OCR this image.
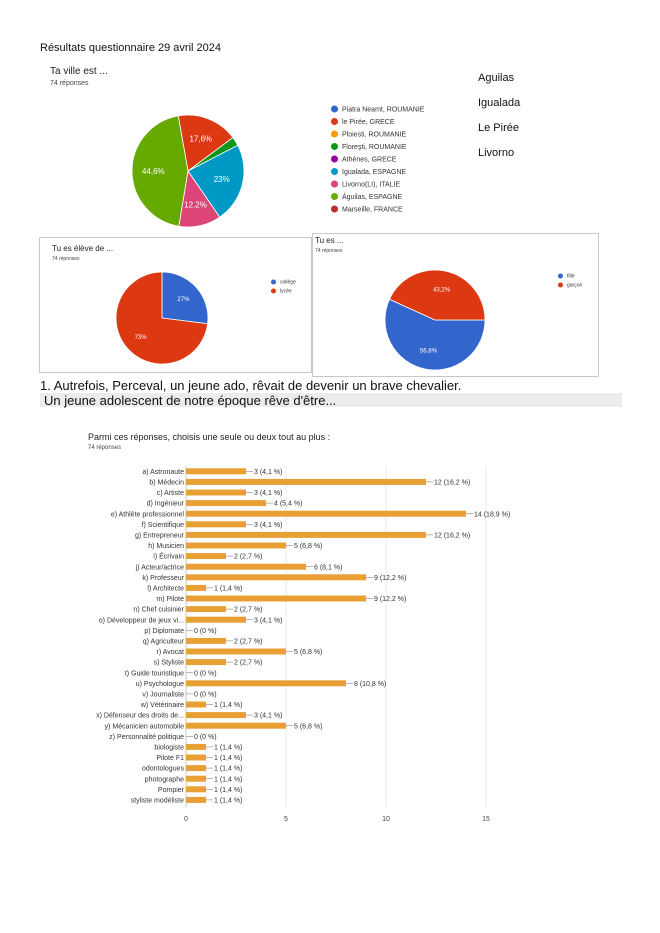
Résultats questionnaire 29 avril 2024
Ta ville est ...
74 réponses
17,6%
23%
12,2%
44,6%
Piatra Neamt, ROUMANIE
le Pirée, GRECE
Ploiesti, ROUMANIE
Floreşti, ROUMANIE
Athènes, GRECE
Igualada, ESPAGNE
Livorno(LI), ITALIE
Águilas, ESPAGNE
Marseille, FRANCE
Aguilas
Igualada
Le Pirée
Livorno
Tu es élève de ...
74 réponses
27%
73%
collège
lycée
Tu es ...
74 réponses
56,8%
43,2%
fille
garçon
1. Autrefois, Perceval, un jeune ado, rêvait de devenir un brave chevalier.
Un jeune adolescent de notre époque rêve d'être...
Parmi ces réponses, choisis une seule ou deux tout au plus :
74 réponses
0	5	10	15
a) Astronaute	3 (4,1 %)
b) Médecin	12 (16,2 %)
c) Artiste	3 (4,1 %)
d) Ingénieur	4 (5,4 %)
e) Athlète professionnel	14 (18,9 %)
f) Scientifique	3 (4,1 %)
g) Entrepreneur	12 (16,2 %)
h) Musicien	5 (6,8 %)
i) Écrivain	2 (2,7 %)
j) Acteur/actrice	6 (8,1 %)
k) Professeur	9 (12,2 %)
l) Architecte	1 (1,4 %)
m) Pilote	9 (12,2 %)
n) Chef cuisinier	2 (2,7 %)
o) Développeur de jeux vi...	3 (4,1 %)
p) Diplomate 0 (0 %)
q) Agriculteur	2 (2,7 %)
r) Avocat	5 (6,8 %)
s) Styliste	2 (2,7 %)
t) Guide touristique 0 (0 %)
u) Psychologue	8 (10,8 %)
v) Journaliste 0 (0 %)
w) Vétérinaire	1 (1,4 %)
x) Défenseur des droits de...	3 (4,1 %)
y) Mécanicien automobile	5 (6,8 %)
z) Personnalité politique 0 (0 %)
biologiste	1 (1,4 %)
Pilote F1	1 (1,4 %)
odontologues	1 (1,4 %)
photographe	1 (1,4 %)
Pompier	1 (1,4 %)
styliste modéliste	1 (1,4 %)
